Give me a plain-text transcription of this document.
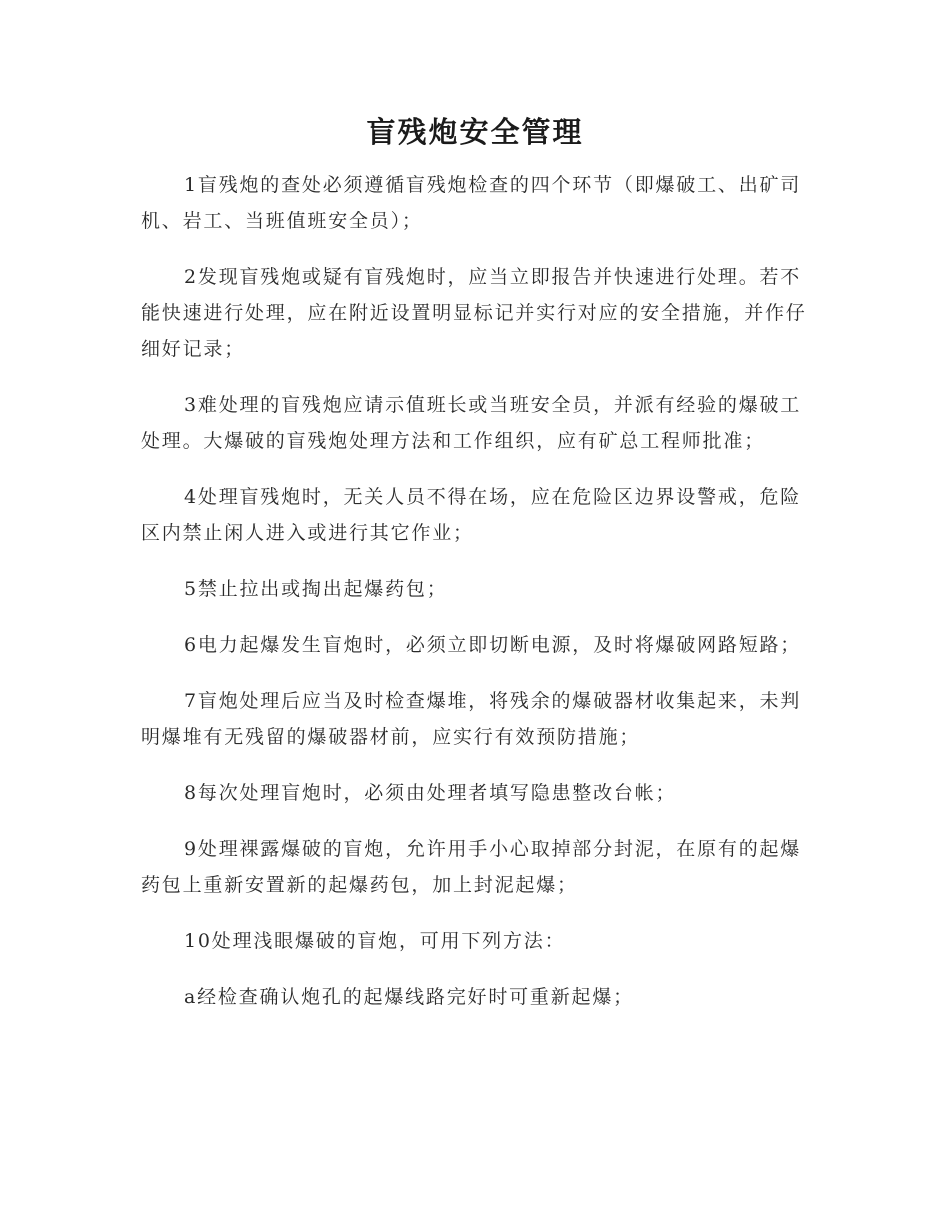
盲残炮安全管理

1盲残炮的查处必须遵循盲残炮检查的四个环节（即爆破工、出矿司机、岩工、当班值班安全员）；

2发现盲残炮或疑有盲残炮时，应当立即报告并快速进行处理。若不能快速进行处理，应在附近设置明显标记并实行对应的安全措施，并作仔细好记录；

3难处理的盲残炮应请示值班长或当班安全员，并派有经验的爆破工处理。大爆破的盲残炮处理方法和工作组织，应有矿总工程师批准；

4处理盲残炮时，无关人员不得在场，应在危险区边界设警戒，危险区内禁止闲人进入或进行其它作业；

5禁止拉出或掏出起爆药包；

6电力起爆发生盲炮时，必须立即切断电源，及时将爆破网路短路；

7盲炮处理后应当及时检查爆堆，将残余的爆破器材收集起来，未判明爆堆有无残留的爆破器材前，应实行有效预防措施；

8每次处理盲炮时，必须由处理者填写隐患整改台帐；

9处理裸露爆破的盲炮，允许用手小心取掉部分封泥，在原有的起爆药包上重新安置新的起爆药包，加上封泥起爆；

10处理浅眼爆破的盲炮，可用下列方法：

a经检查确认炮孔的起爆线路完好时可重新起爆；
